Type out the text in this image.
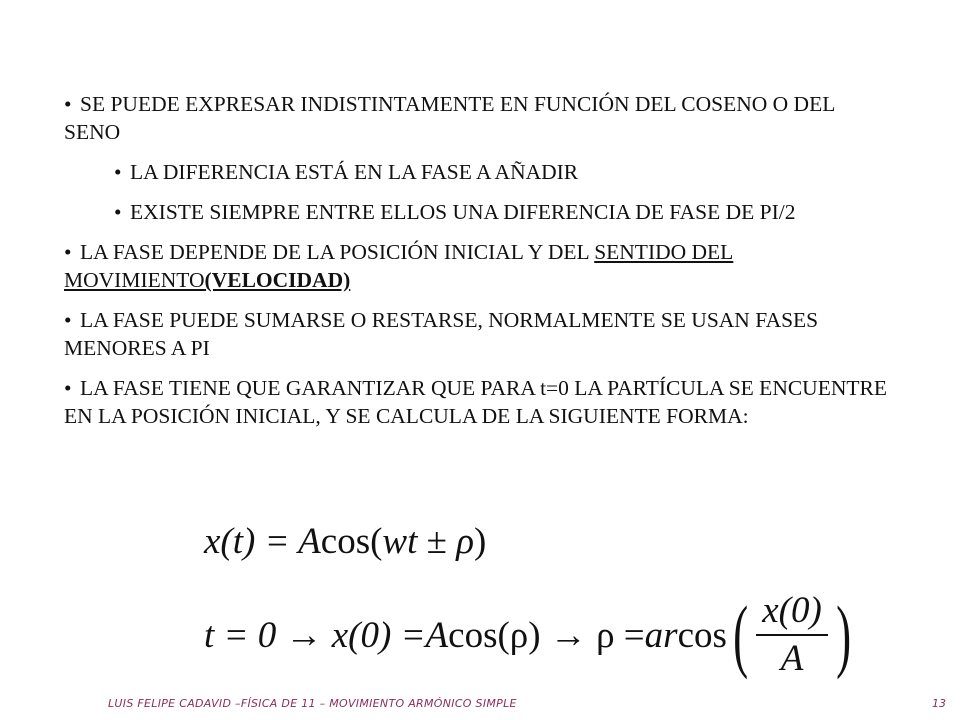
• SE PUEDE EXPRESAR INDISTINTAMENTE EN FUNCIÓN DEL COSENO O DEL SENO

• LA DIFERENCIA ESTÁ EN LA FASE A AÑADIR

• EXISTE SIEMPRE ENTRE ELLOS UNA DIFERENCIA DE FASE DE PI/2

• LA FASE DEPENDE DE LA POSICIÓN INICIAL Y DEL SENTIDO DEL MOVIMIENTO(VELOCIDAD)

• LA FASE PUEDE SUMARSE O RESTARSE, NORMALMENTE SE USAN FASES MENORES A PI

• LA FASE TIENE QUE GARANTIZAR QUE PARA t=0 LA PARTÍCULA SE ENCUENTRE EN LA POSICIÓN INICIAL, Y SE CALCULA DE LA SIGUIENTE FORMA:

x(t) = Acos(wt ± ρ)
t = 0 → x(0) = A cos(ρ) → ρ = ar cos ( $\frac{x(0)}{A}$ )
LUIS FELIPE CADAVID –FÍSICA DE 11 – MOVIMIENTO ARMÓNICO SIMPLE	13
